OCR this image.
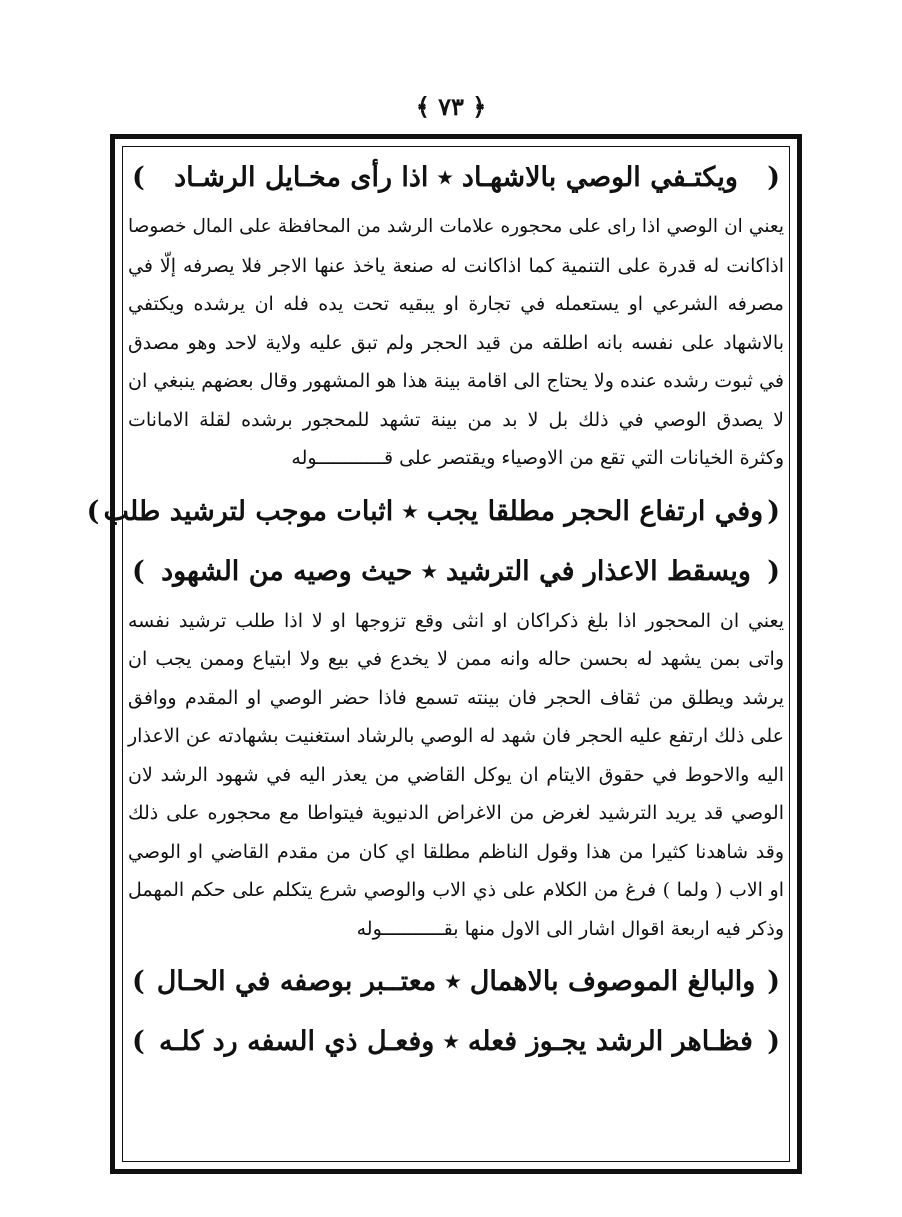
﴾ ٧٣ ﴿
(
ويكتـفي الوصي بالاشهـاد ٭ اذا رأى مخـايل الرشـاد
)
يعني ان الوصي اذا راى على محجوره علامات الرشد من المحافظة على المال خصوصا
اذاكانت له قدرة على التنمية كما اذاكانت له صنعة ياخذ عنها الاجر فلا يصرفه إلّا في
مصرفه الشرعي او يستعمله في تجارة او يبقيه تحت يده فله ان يرشده ويكتفي
بالاشهاد على نفسه بانه اطلقه من قيد الحجر ولم تبق عليه ولاية لاحد وهو مصدق
في ثبوت رشده عنده ولا يحتاج الى اقامة بينة هذا هو المشهور وقال بعضهم ينبغي ان
لا يصدق الوصي في ذلك بل لا بد من بينة تشهد للمحجور برشده لقلة الامانات
وكثرة الخيانات التي تقع من الاوصياء ويقتصر على قــــــــــــوله
(
وفي ارتفاع الحجر مطلقا يجب ٭ اثبات موجب لترشيد طلب
)
(
ويسقط الاعذار في الترشيد ٭ حيث وصيه من الشهود
)
يعني ان المحجور اذا بلغ ذكراكان او انثى وقع تزوجها او لا اذا طلب ترشيد نفسه
واتى بمن يشهد له بحسن حاله وانه ممن لا يخدع في بيع ولا ابتياع وممن يجب ان
يرشد ويطلق من ثقاف الحجر فان بينته تسمع فاذا حضر الوصي او المقدم ووافق
على ذلك ارتفع عليه الحجر فان شهد له الوصي بالرشاد استغنيت بشهادته عن الاعذار
اليه والاحوط في حقوق الايتام ان يوكل القاضي من يعذر اليه في شهود الرشد لان
الوصي قد يريد الترشيد لغرض من الاغراض الدنيوية فيتواطا مع محجوره على ذلك
وقد شاهدنا كثيرا من هذا وقول الناظم مطلقا اي كان من مقدم القاضي او الوصي
او الاب ( ولما ) فرغ من الكلام على ذي الاب والوصي شرع يتكلم على حكم المهمل
وذكر فيه اربعة اقوال اشار الى الاول منها بقـــــــــــوله
(
والبالغ الموصوف بالاهمال ٭ معتــبر بوصفه في الحـال
)
(
فظـاهر الرشد يجـوز فعله ٭ وفعـل ذي السفه رد كلـه
)
